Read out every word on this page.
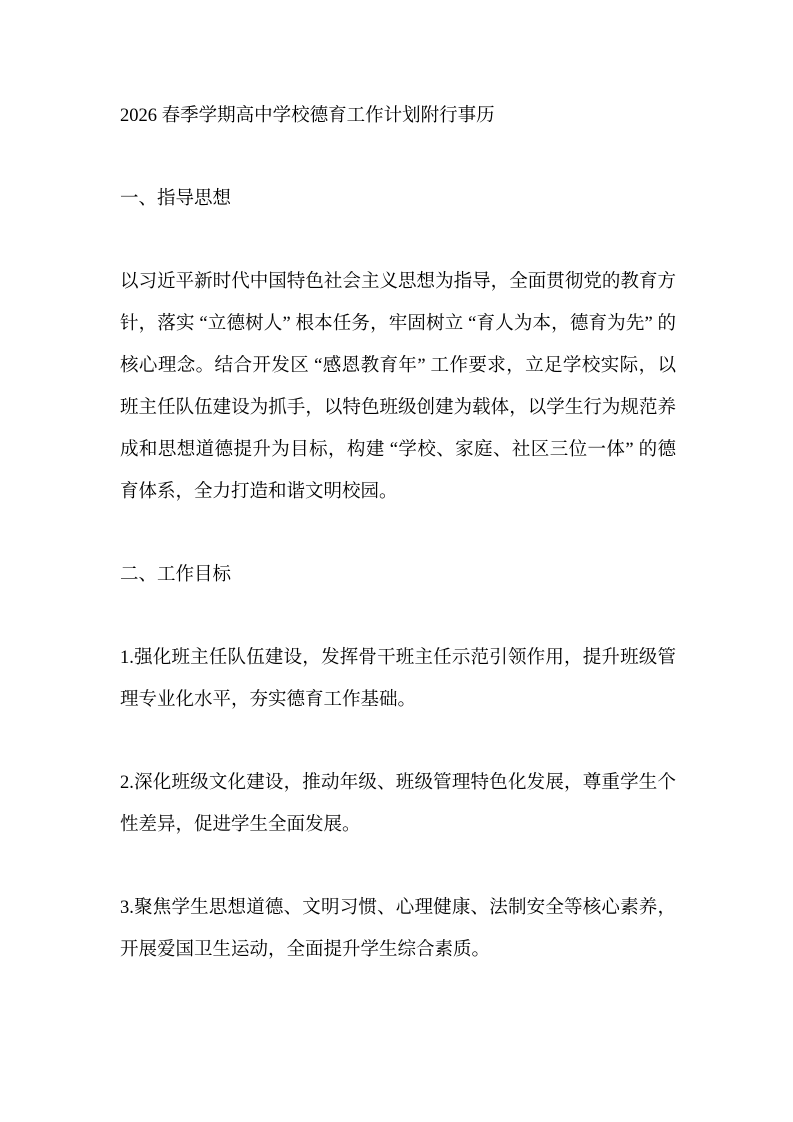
2026 春季学期高中学校德育工作计划附行事历

一、指导思想

以习近平新时代中国特色社会主义思想为指导，全面贯彻党的教育方针，落实 “立德树人” 根本任务，牢固树立 “育人为本，德育为先” 的核心理念。结合开发区 “感恩教育年” 工作要求，立足学校实际，以班主任队伍建设为抓手，以特色班级创建为载体，以学生行为规范养成和思想道德提升为目标，构建 “学校、家庭、社区三位一体” 的德育体系，全力打造和谐文明校园。

二、工作目标

1.强化班主任队伍建设，发挥骨干班主任示范引领作用，提升班级管理专业化水平，夯实德育工作基础。

2.深化班级文化建设，推动年级、班级管理特色化发展，尊重学生个性差异，促进学生全面发展。

3.聚焦学生思想道德、文明习惯、心理健康、法制安全等核心素养，开展爱国卫生运动，全面提升学生综合素质。
